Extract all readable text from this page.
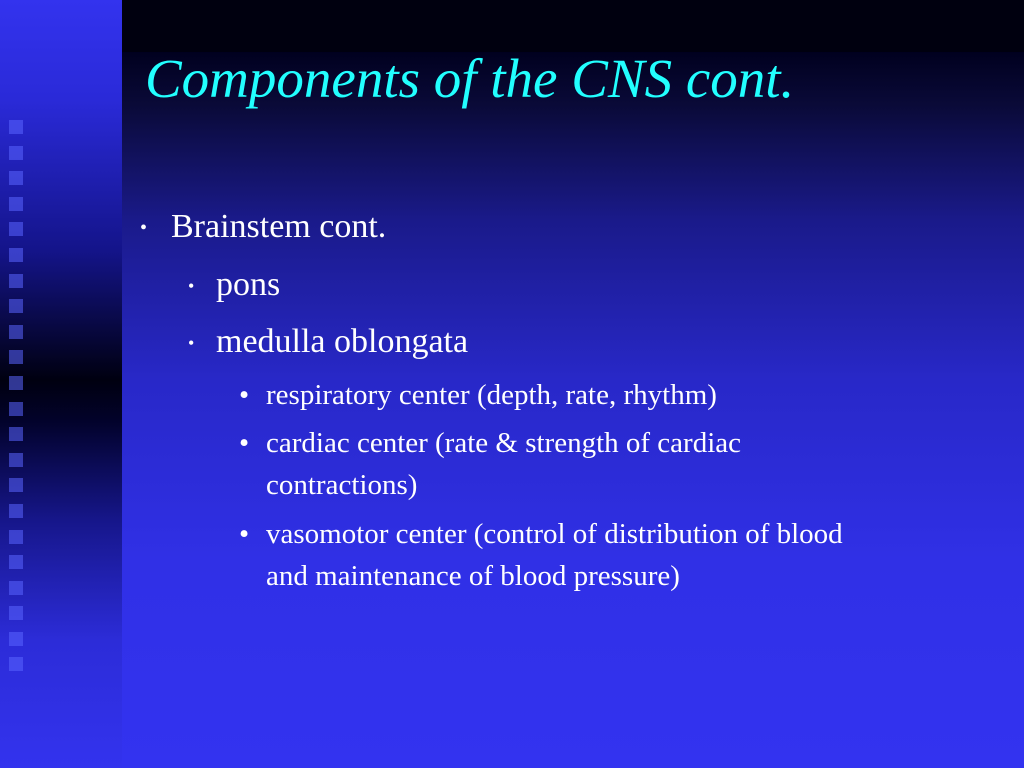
Components of the CNS cont.
• Brainstem cont.
• pons
• medulla oblongata
• respiratory center (depth, rate, rhythm)
• cardiac center (rate & strength of cardiac
contractions)
• vasomotor center (control of distribution of blood
and maintenance of blood pressure)
